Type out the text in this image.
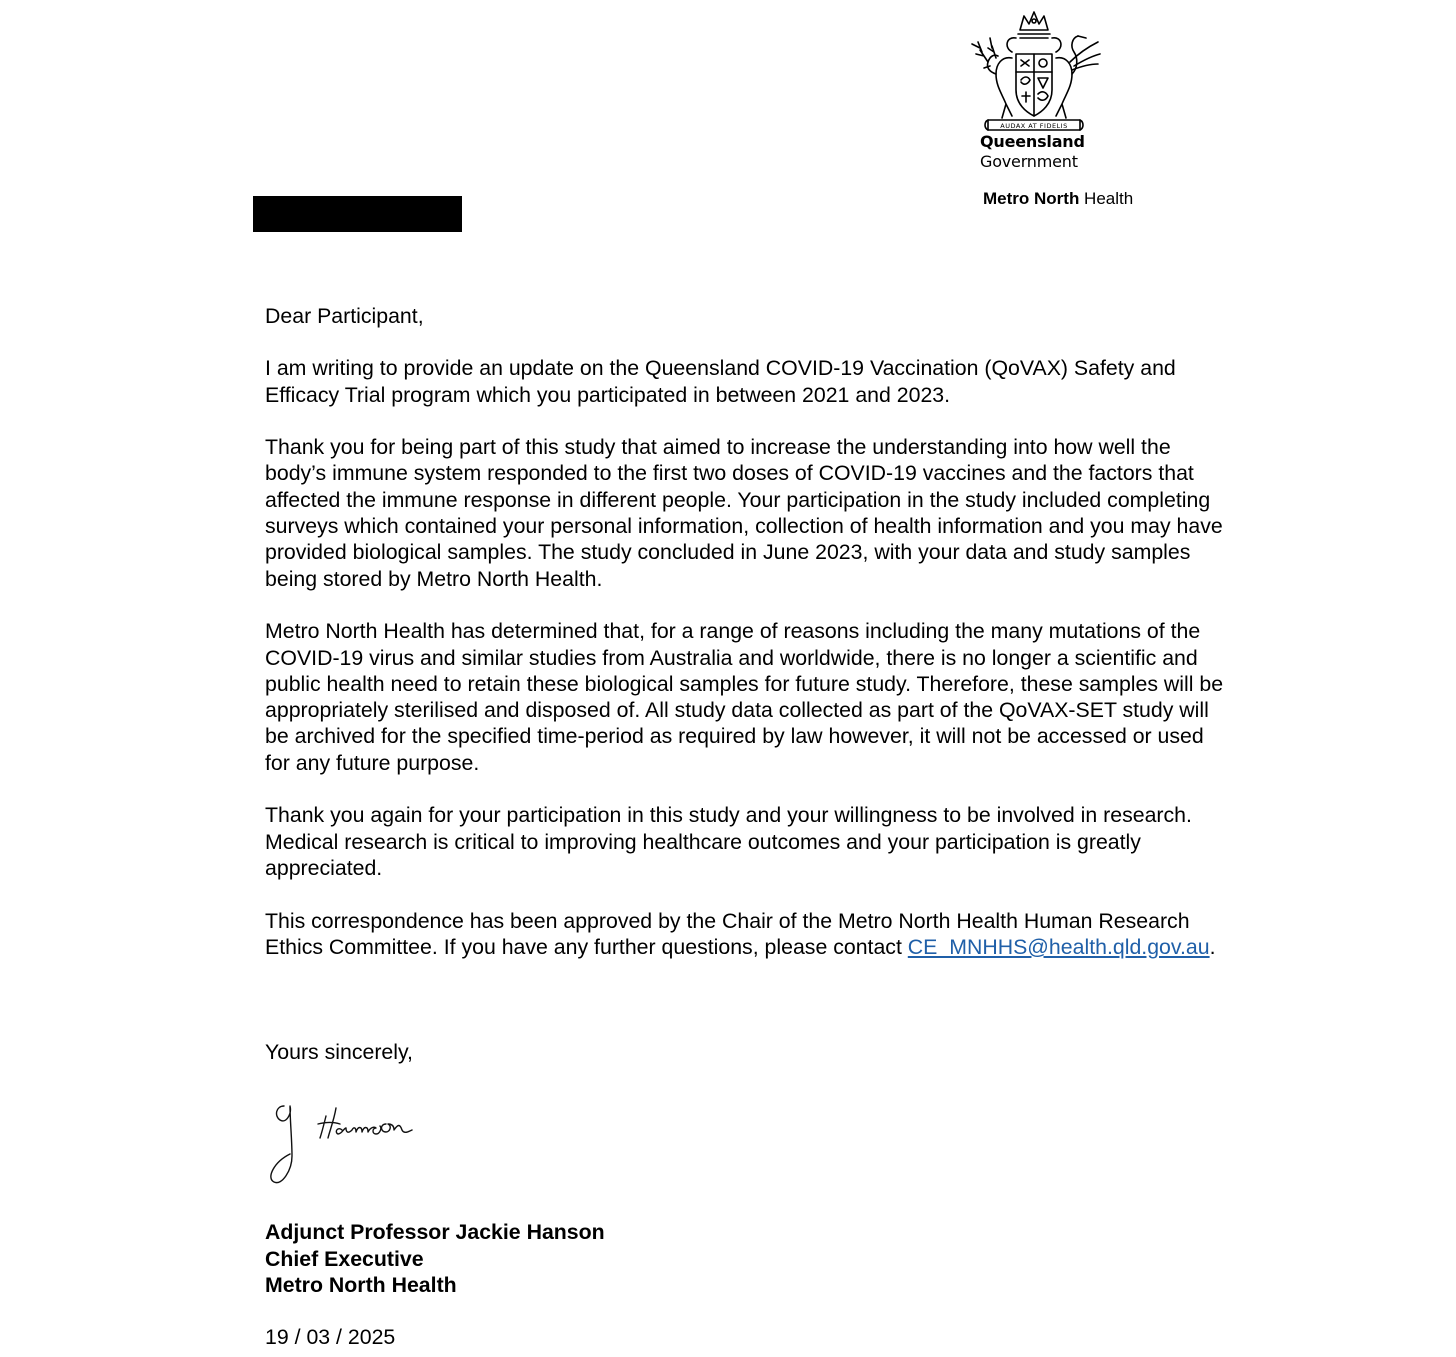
AUDAX AT FIDELIS
Queensland
Government
Metro North Health

Dear Participant,

I am writing to provide an update on the Queensland COVID-19 Vaccination (QoVAX) Safety and Efficacy Trial program which you participated in between 2021 and 2023.

Thank you for being part of this study that aimed to increase the understanding into how well the body’s immune system responded to the first two doses of COVID-19 vaccines and the factors that affected the immune response in different people. Your participation in the study included completing surveys which contained your personal information, collection of health information and you may have provided biological samples. The study concluded in June 2023, with your data and study samples being stored by Metro North Health.

Metro North Health has determined that, for a range of reasons including the many mutations of the COVID-19 virus and similar studies from Australia and worldwide, there is no longer a scientific and public health need to retain these biological samples for future study. Therefore, these samples will be appropriately sterilised and disposed of. All study data collected as part of the QoVAX-SET study will be archived for the specified time-period as required by law however, it will not be accessed or used for any future purpose.

Thank you again for your participation in this study and your willingness to be involved in research. Medical research is critical to improving healthcare outcomes and your participation is greatly appreciated.

This correspondence has been approved by the Chair of the Metro North Health Human Research Ethics Committee. If you have any further questions, please contact CE_MNHHS@health.qld.gov.au.

Yours sincerely,
Adjunct Professor Jackie Hanson
Chief Executive
Metro North Health
19 / 03 / 2025
